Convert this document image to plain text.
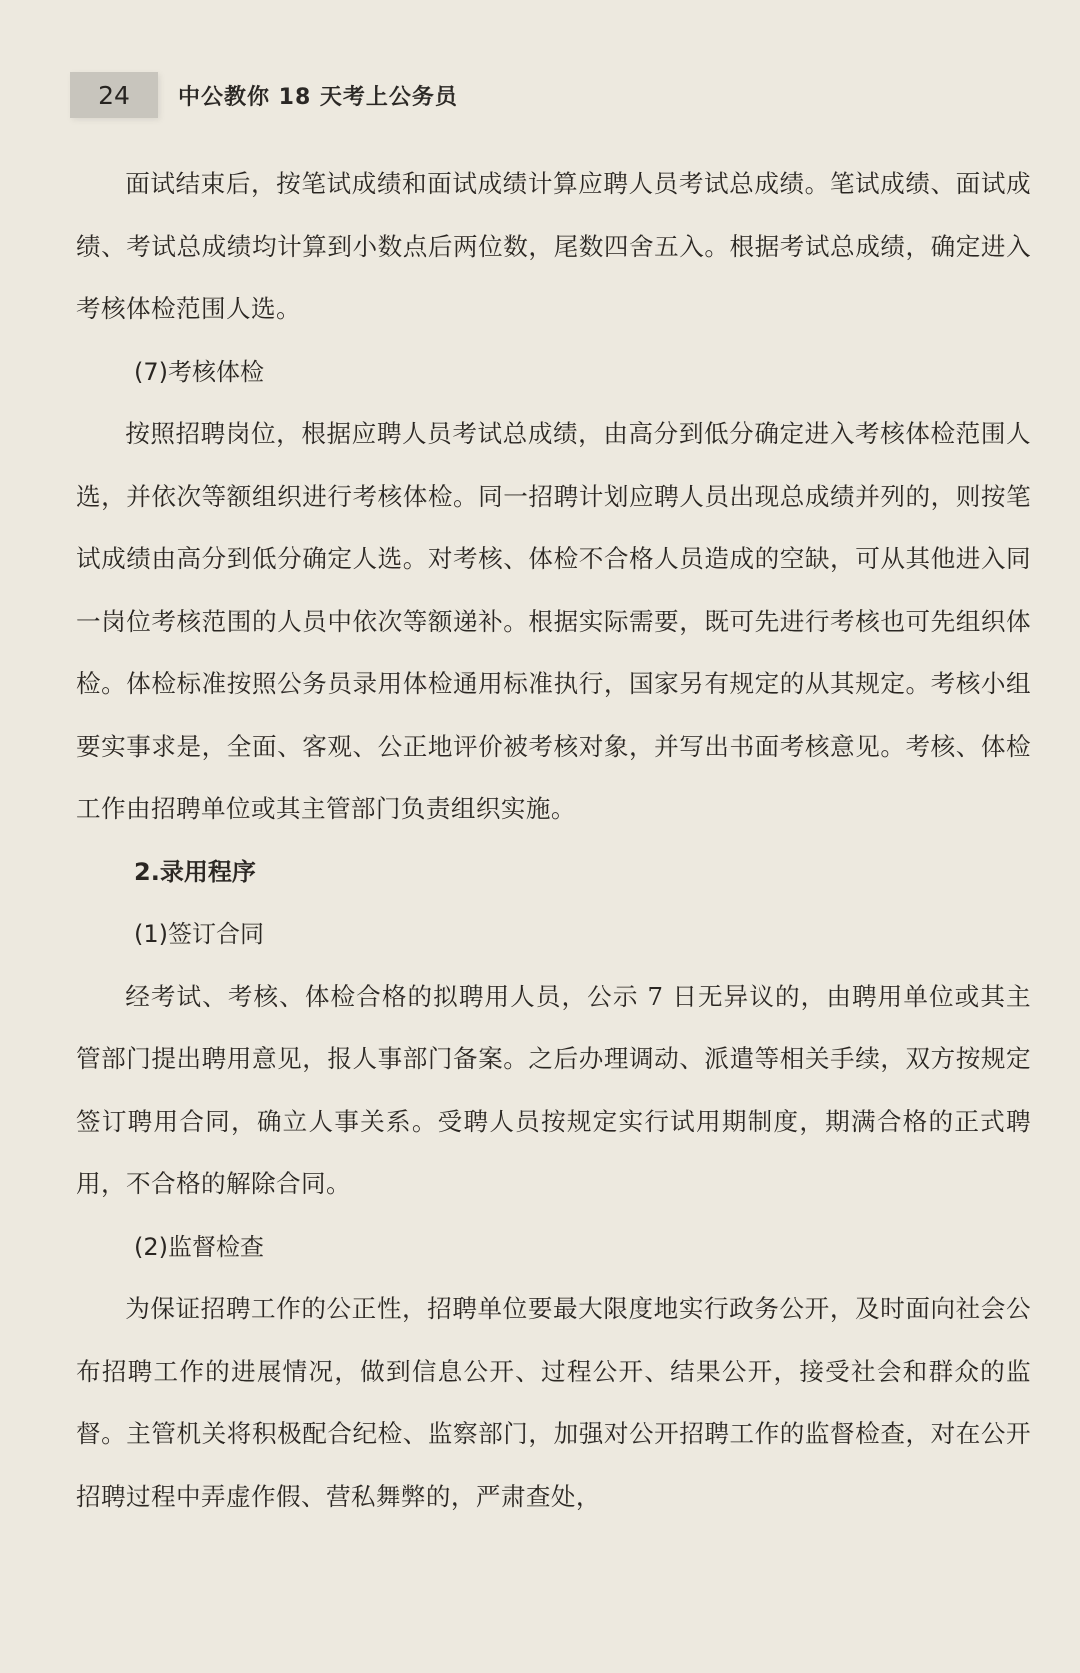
24 中公教你 18 天考上公务员

面试结束后，按笔试成绩和面试成绩计算应聘人员考试总成绩。笔试成绩、面试成绩、考试总成绩均计算到小数点后两位数，尾数四舍五入。根据考试总成绩，确定进入考核体检范围人选。

(7)考核体检

按照招聘岗位，根据应聘人员考试总成绩，由高分到低分确定进入考核体检范围人选，并依次等额组织进行考核体检。同一招聘计划应聘人员出现总成绩并列的，则按笔试成绩由高分到低分确定人选。对考核、体检不合格人员造成的空缺，可从其他进入同一岗位考核范围的人员中依次等额递补。根据实际需要，既可先进行考核也可先组织体检。体检标准按照公务员录用体检通用标准执行，国家另有规定的从其规定。考核小组要实事求是，全面、客观、公正地评价被考核对象，并写出书面考核意见。考核、体检工作由招聘单位或其主管部门负责组织实施。

2.录用程序

(1)签订合同

经考试、考核、体检合格的拟聘用人员，公示 7 日无异议的，由聘用单位或其主管部门提出聘用意见，报人事部门备案。之后办理调动、派遣等相关手续，双方按规定签订聘用合同，确立人事关系。受聘人员按规定实行试用期制度，期满合格的正式聘用，不合格的解除合同。

(2)监督检查

为保证招聘工作的公正性，招聘单位要最大限度地实行政务公开，及时面向社会公布招聘工作的进展情况，做到信息公开、过程公开、结果公开，接受社会和群众的监督。主管机关将积极配合纪检、监察部门，加强对公开招聘工作的监督检查，对在公开招聘过程中弄虚作假、营私舞弊的，严肃查处，
